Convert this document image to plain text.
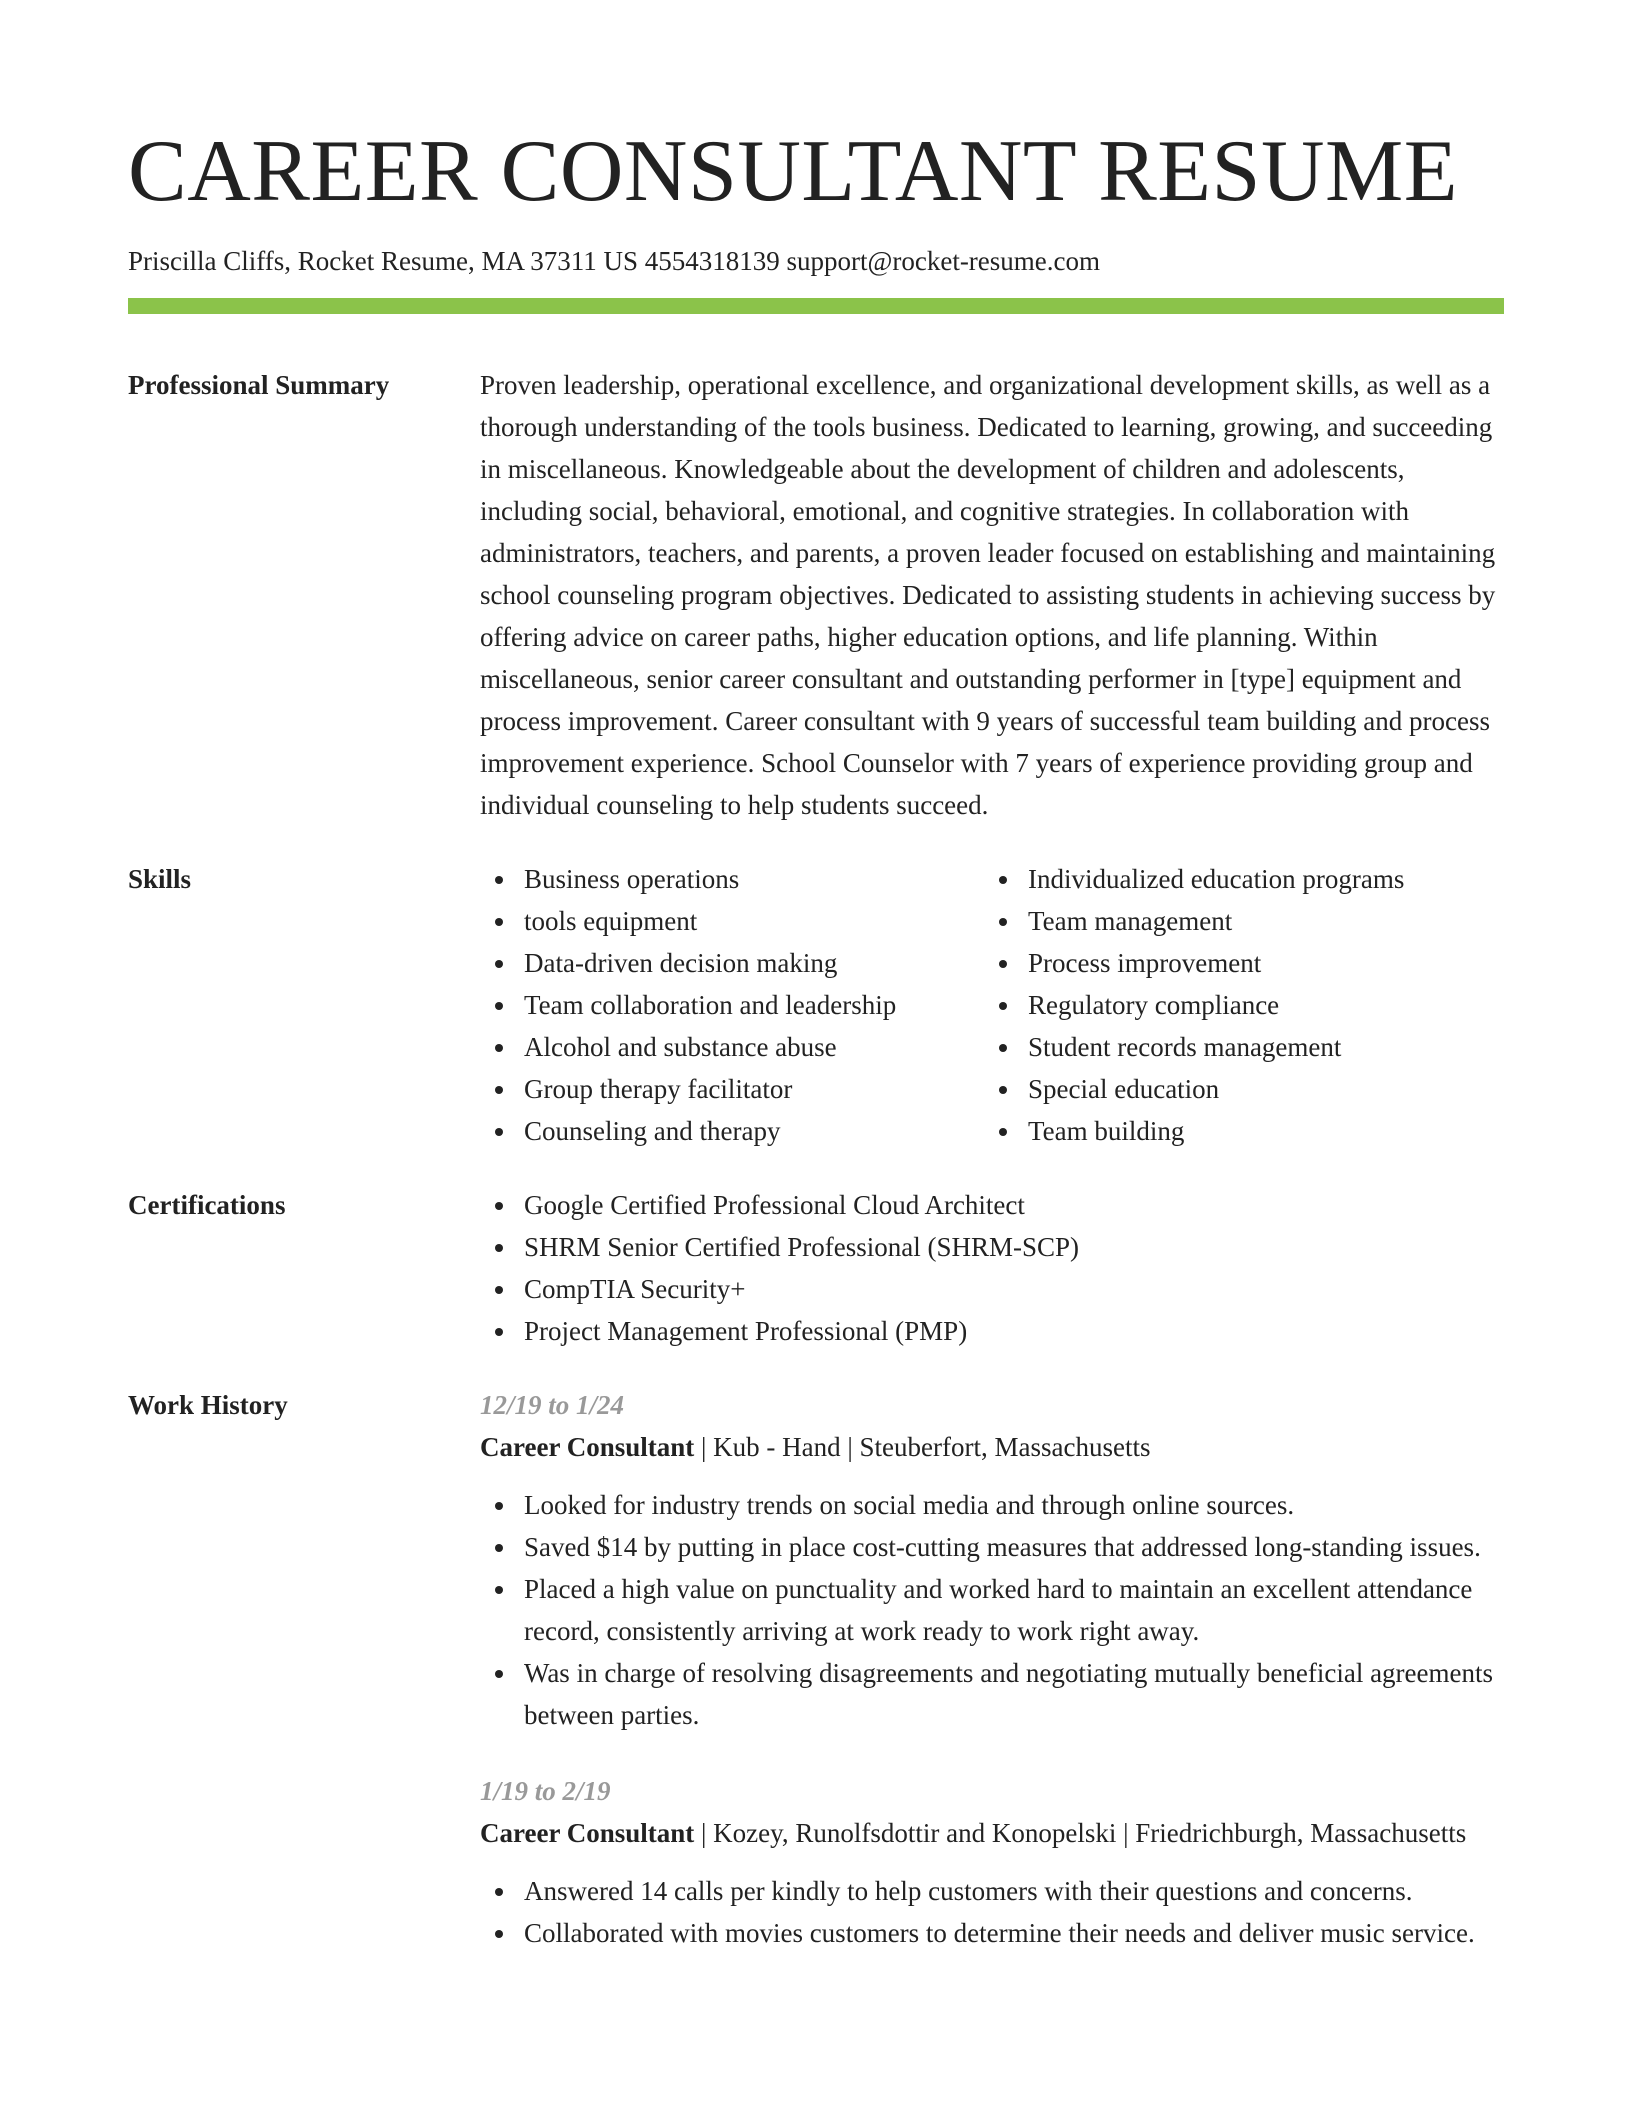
CAREER CONSULTANT RESUME
Priscilla Cliffs, Rocket Resume, MA 37311 US 4554318139 support@rocket-resume.com
Professional Summary	Proven leadership, operational excellence, and organizational development skills, as well as a thorough understanding of the tools business. Dedicated to learning, growing, and succeeding in miscellaneous. Knowledgeable about the development of children and adolescents, including social, behavioral, emotional, and cognitive strategies. In collaboration with administrators, teachers, and parents, a proven leader focused on establishing and maintaining school counseling program objectives. Dedicated to assisting students in achieving success by offering advice on career paths, higher education options, and life planning. Within miscellaneous, senior career consultant and outstanding performer in [type] equipment and process improvement. Career consultant with 9 years of successful team building and process improvement experience. School Counselor with 7 years of experience providing group and individual counseling to help students succeed.

Skills	Business operations
tools equipment
Data-driven decision making
Team collaboration and leadership
Alcohol and substance abuse
Group therapy facilitator
Counseling and therapy
Individualized education programs
Team management
Process improvement
Regulatory compliance
Student records management
Special education
Team building
Certifications	Google Certified Professional Cloud Architect
SHRM Senior Certified Professional (SHRM-SCP)
CompTIA Security+
Project Management Professional (PMP)
Work History	12/19 to 1/24
Career Consultant | Kub - Hand | Steuberfort, Massachusetts
Looked for industry trends on social media and through online sources.
Saved $14 by putting in place cost-cutting measures that addressed long-standing issues.
Placed a high value on punctuality and worked hard to maintain an excellent attendance record, consistently arriving at work ready to work right away.
Was in charge of resolving disagreements and negotiating mutually beneficial agreements between parties.
1/19 to 2/19
Career Consultant | Kozey, Runolfsdottir and Konopelski | Friedrichburgh, Massachusetts
Answered 14 calls per kindly to help customers with their questions and concerns.
Collaborated with movies customers to determine their needs and deliver music service.
